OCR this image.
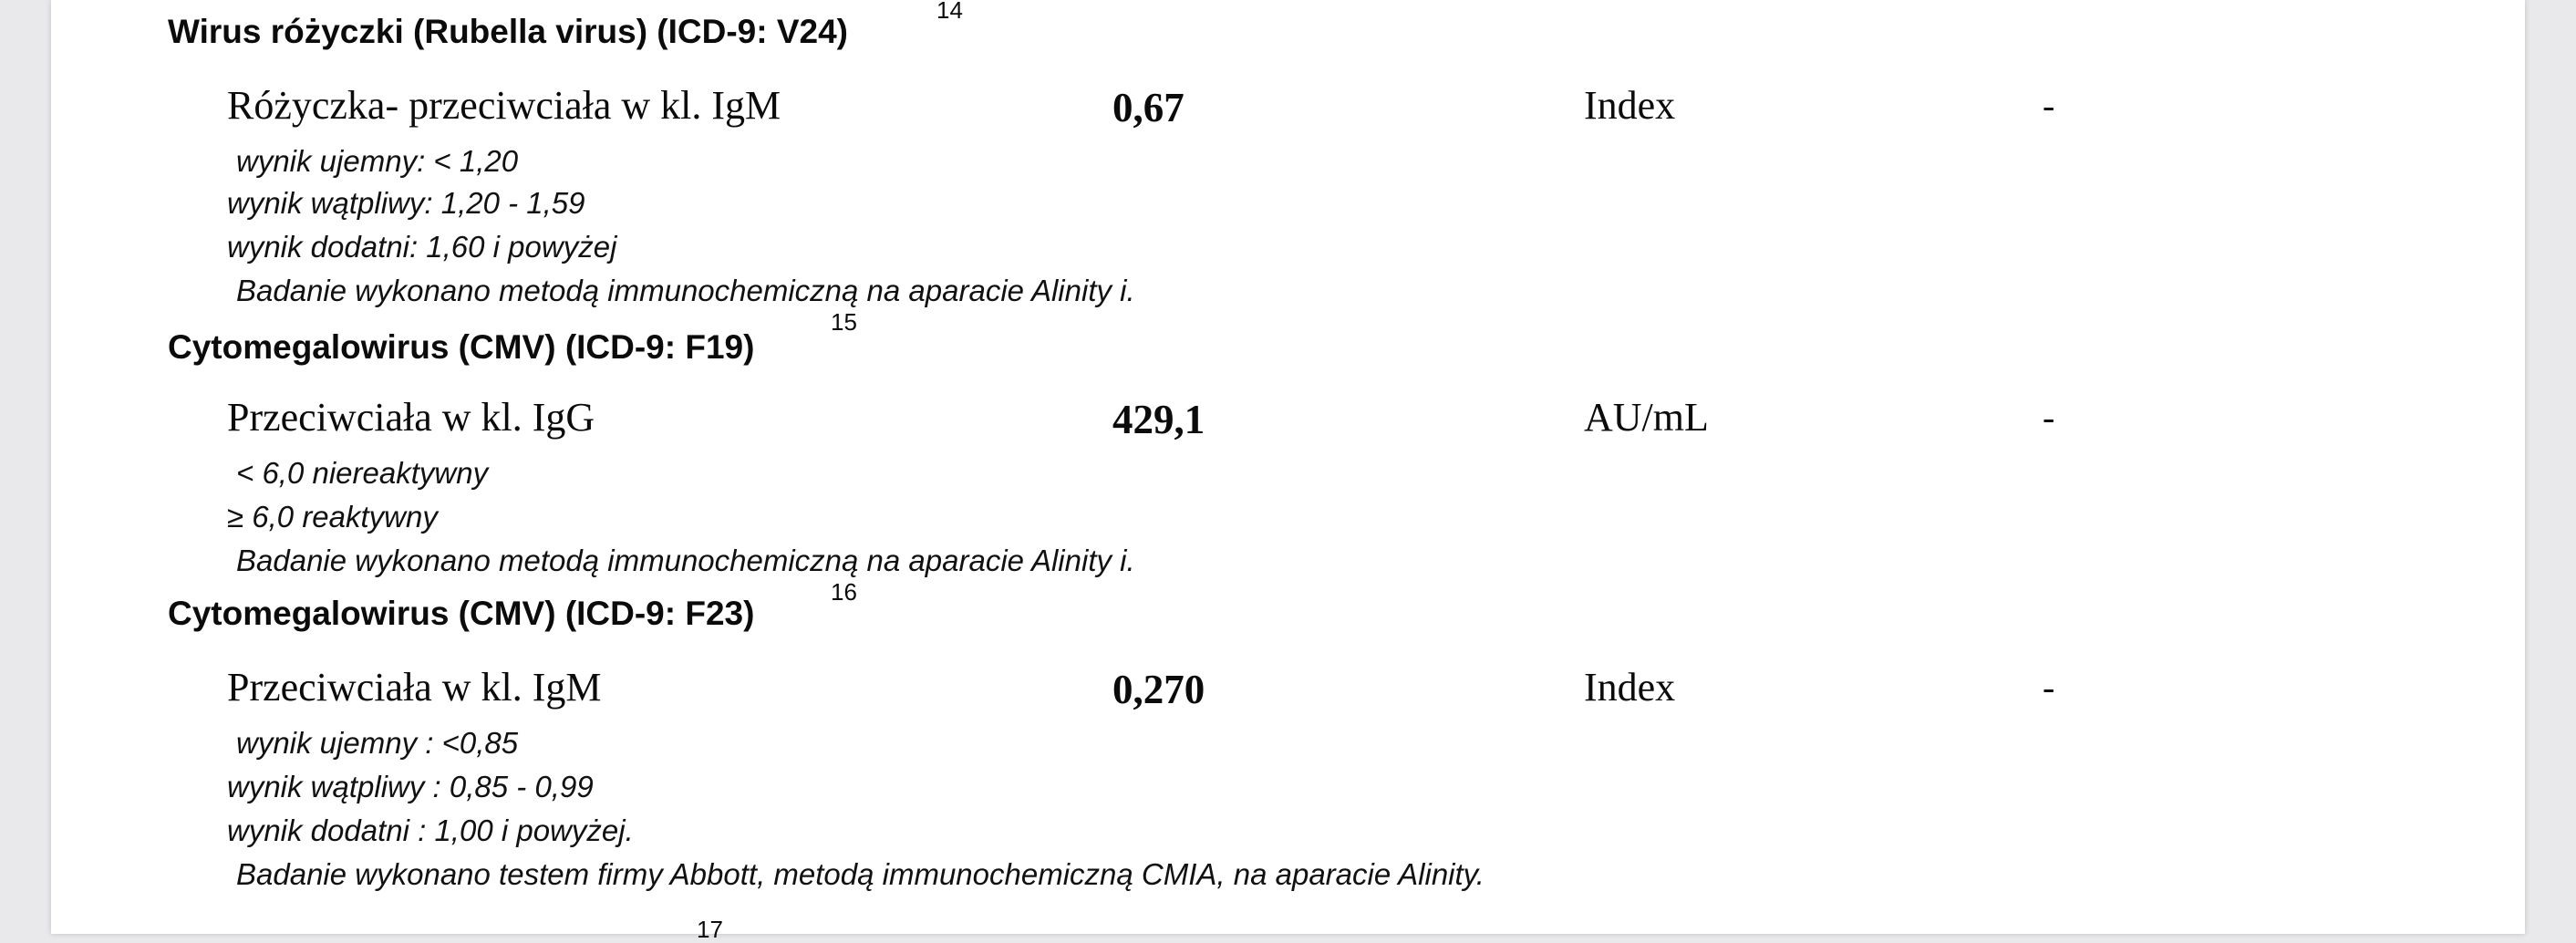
Wirus różyczki (Rubella virus) (ICD-9: V24)
14
Różyczka- przeciwciała w kl. IgM	0,67	Index	-
wynik ujemny: < 1,20
wynik wątpliwy: 1,20 - 1,59
wynik dodatni: 1,60 i powyżej
Badanie wykonano metodą immunochemiczną na aparacie Alinity i.
Cytomegalowirus (CMV) (ICD-9: F19)
15
Przeciwciała w kl. IgG	429,1	AU/mL	-
< 6,0 niereaktywny
≥ 6,0 reaktywny
Badanie wykonano metodą immunochemiczną na aparacie Alinity i.
Cytomegalowirus (CMV) (ICD-9: F23)
16
Przeciwciała w kl. IgM	0,270	Index	-
wynik ujemny : <0,85
wynik wątpliwy : 0,85 - 0,99
wynik dodatni : 1,00 i powyżej.
Badanie wykonano testem firmy Abbott, metodą immunochemiczną CMIA, na aparacie Alinity.
17
